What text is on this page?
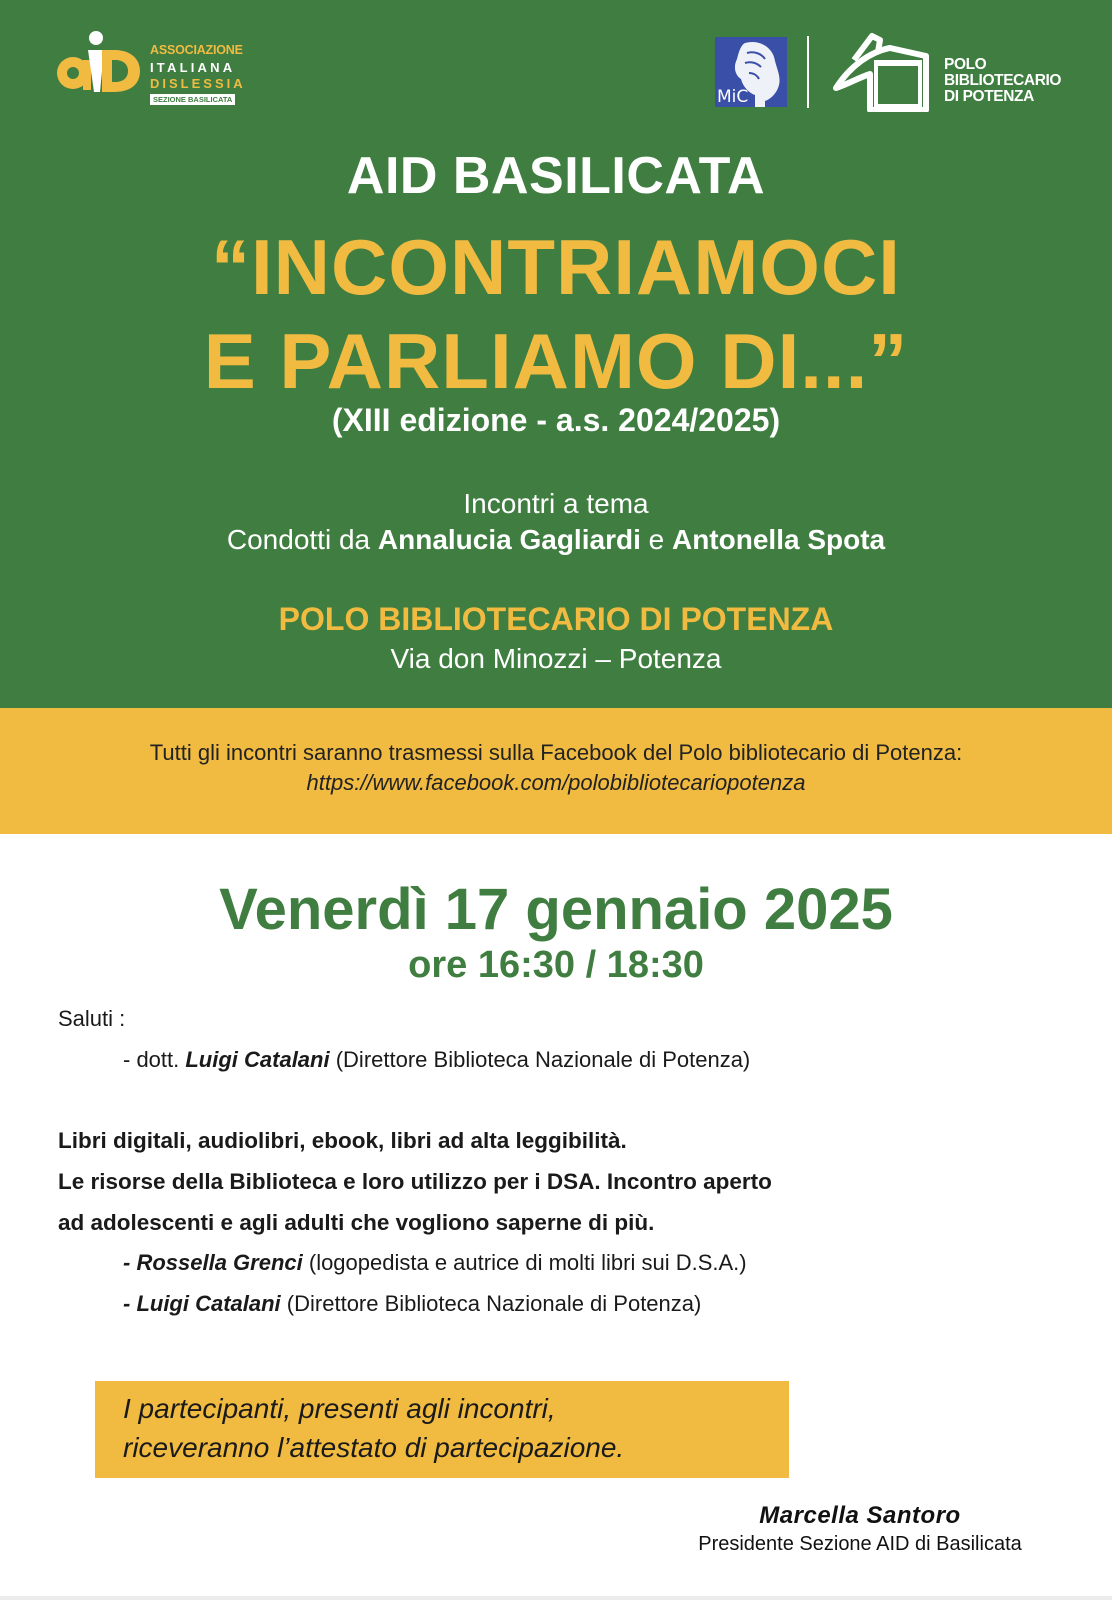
ASSOCIAZIONE
ITALIANA
DISLESSIA
SEZIONE BASILICATA	MiC
POLO
BIBLIOTECARIO
DI POTENZA
AID BASILICATA
“INCONTRIAMOCI
E PARLIAMO DI...”
(XIII edizione - a.s. 2024/2025)
Incontri a tema
Condotti da Annalucia Gagliardi e Antonella Spota
POLO BIBLIOTECARIO DI POTENZA
Via don Minozzi – Potenza
Tutti gli incontri saranno trasmessi sulla Facebook del Polo bibliotecario di Potenza:
https://www.facebook.com/polobibliotecariopotenza
Venerdì 17 gennaio 2025
ore 16:30 / 18:30
Saluti :
- dott. Luigi Catalani (Direttore Biblioteca Nazionale di Potenza)
Libri digitali, audiolibri, ebook, libri ad alta leggibilità.
Le risorse della Biblioteca e loro utilizzo per i DSA. Incontro aperto
ad adolescenti e agli adulti che vogliono saperne di più.
- Rossella Grenci (logopedista e autrice di molti libri sui D.S.A.)
- Luigi Catalani (Direttore Biblioteca Nazionale di Potenza)
I partecipanti, presenti agli incontri,
riceveranno l’attestato di partecipazione.
Marcella Santoro
Presidente Sezione AID di Basilicata
